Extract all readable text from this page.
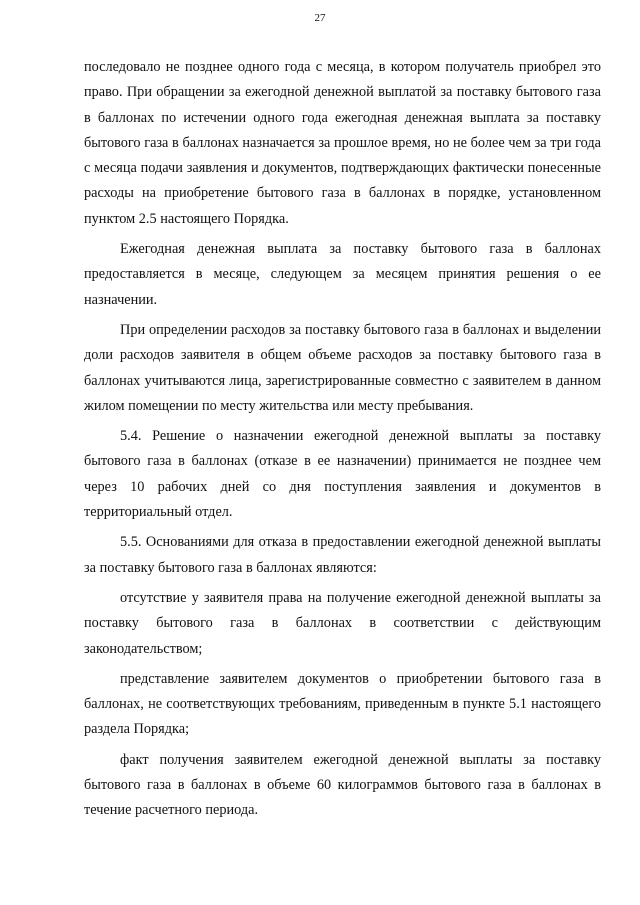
27

последовало не позднее одного года с месяца, в котором получатель приобрел это право. При обращении за ежегодной денежной выплатой за поставку бытового газа в баллонах по истечении одного года ежегодная денежная выплата за поставку бытового газа в баллонах назначается за прошлое время, но не более чем за три года с месяца подачи заявления и документов, подтверждающих фактически понесенные расходы на приобретение бытового газа в баллонах в порядке, установленном пунктом 2.5 настоящего Порядка.

Ежегодная денежная выплата за поставку бытового газа в баллонах предоставляется в месяце, следующем за месяцем принятия решения о ее назначении.

При определении расходов за поставку бытового газа в баллонах и выделении доли расходов заявителя в общем объеме расходов за поставку бытового газа в баллонах учитываются лица, зарегистрированные совместно с заявителем в данном жилом помещении по месту жительства или месту пребывания.

5.4. Решение о назначении ежегодной денежной выплаты за поставку бытового газа в баллонах (отказе в ее назначении) принимается не позднее чем через 10 рабочих дней со дня поступления заявления и документов в территориальный отдел.

5.5. Основаниями для отказа в предоставлении ежегодной денежной выплаты за поставку бытового газа в баллонах являются:

отсутствие у заявителя права на получение ежегодной денежной выплаты за поставку бытового газа в баллонах в соответствии с действующим законодательством;

представление заявителем документов о приобретении бытового газа в баллонах, не соответствующих требованиям, приведенным в пункте 5.1 настоящего раздела Порядка;

факт получения заявителем ежегодной денежной выплаты за поставку бытового газа в баллонах в объеме 60 килограммов бытового газа в баллонах в течение расчетного периода.
